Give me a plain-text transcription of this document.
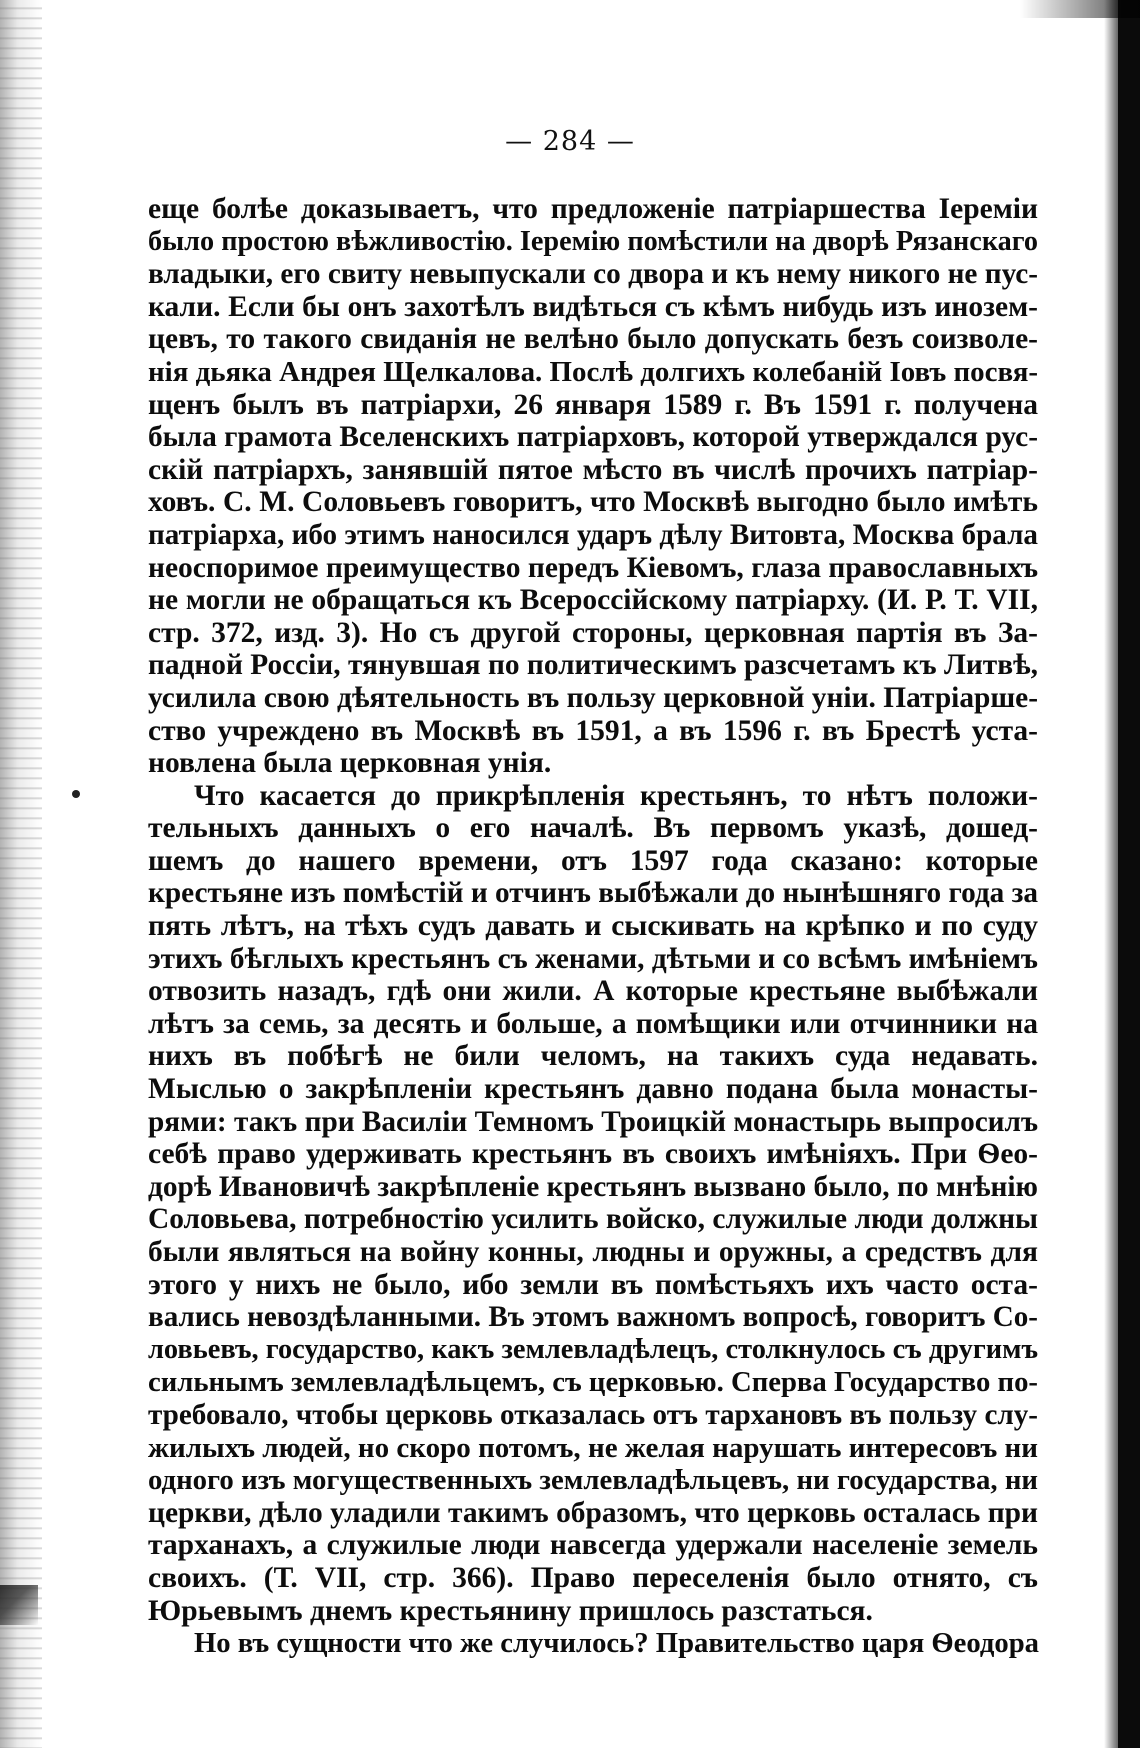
— 284 —
еще болѣе доказываетъ, что предложеніе патріаршества Іереміи
было простою вѣжливостію. Іеремію помѣстили на дворѣ Рязанскаго
владыки, его свиту невыпускали со двора и къ нему никого не пус-
кали. Если бы онъ захотѣлъ видѣться съ кѣмъ нибудь изъ инозем-
цевъ, то такого свиданія не велѣно было допускать безъ соизволе-
нія дьяка Андрея Щелкалова. Послѣ долгихъ колебаній Іовъ посвя-
щенъ былъ въ патріархи, 26 января 1589 г. Въ 1591 г. получена
была грамота Вселенскихъ патріарховъ, которой утверждался рус-
скій патріархъ, занявшій пятое мѣсто въ числѣ прочихъ патріар-
ховъ. С. М. Соловьевъ говоритъ, что Москвѣ выгодно было имѣть
патріарха, ибо этимъ наносился ударъ дѣлу Витовта, Москва брала
неоспоримое преимущество передъ Кіевомъ, глаза православныхъ
не могли не обращаться къ Всероссійскому патріарху. (И. Р. Т. VII,
стр. 372, изд. 3). Но съ другой стороны, церковная партія въ За-
падной Россіи, тянувшая по политическимъ разсчетамъ къ Литвѣ,
усилила свою дѣятельность въ пользу церковной уніи. Патріарше-
ство учреждено въ Москвѣ въ 1591, а въ 1596 г. въ Брестѣ уста-
новлена была церковная унія.
Что касается до прикрѣпленія крестьянъ, то нѣтъ положи-
тельныхъ данныхъ о его началѣ. Въ первомъ указѣ, дошед-
шемъ до нашего времени, отъ 1597 года сказано: которые
крестьяне изъ помѣстій и отчинъ выбѣжали до нынѣшняго года за
пять лѣтъ, на тѣхъ судъ давать и сыскивать на крѣпко и по суду
этихъ бѣглыхъ крестьянъ съ женами, дѣтьми и со всѣмъ имѣніемъ
отвозить назадъ, гдѣ они жили. А которые крестьяне выбѣжали
лѣтъ за семь, за десять и больше, а помѣщики или отчинники на
нихъ въ побѣгѣ не били челомъ, на такихъ суда недавать.
Мыслью о закрѣпленіи крестьянъ давно подана была монасты-
рями: такъ при Василіи Темномъ Троицкій монастырь выпросилъ
себѣ право удерживать крестьянъ въ своихъ имѣніяхъ. При Ѳео-
дорѣ Ивановичѣ закрѣпленіе крестьянъ вызвано было, по мнѣнію
Соловьева, потребностію усилить войско, служилые люди должны
были являться на войну конны, людны и оружны, а средствъ для
этого у нихъ не было, ибо земли въ помѣстьяхъ ихъ часто оста-
вались невоздѣланными. Въ этомъ важномъ вопросѣ, говоритъ Со-
ловьевъ, государство, какъ землевладѣлецъ, столкнулось съ другимъ
сильнымъ землевладѣльцемъ, съ церковью. Сперва Государство по-
требовало, чтобы церковь отказалась отъ тархановъ въ пользу слу-
жилыхъ людей, но скоро потомъ, не желая нарушать интересовъ ни
одного изъ могущественныхъ землевладѣльцевъ, ни государства, ни
церкви, дѣло уладили такимъ образомъ, что церковь осталась при
тарханахъ, а служилые люди навсегда удержали населеніе земель
своихъ. (Т. VII, стр. 366). Право переселенія было отнято, съ
Юрьевымъ днемъ крестьянину пришлось разстаться.
Но въ сущности что же случилось? Правительство царя Ѳеодора
